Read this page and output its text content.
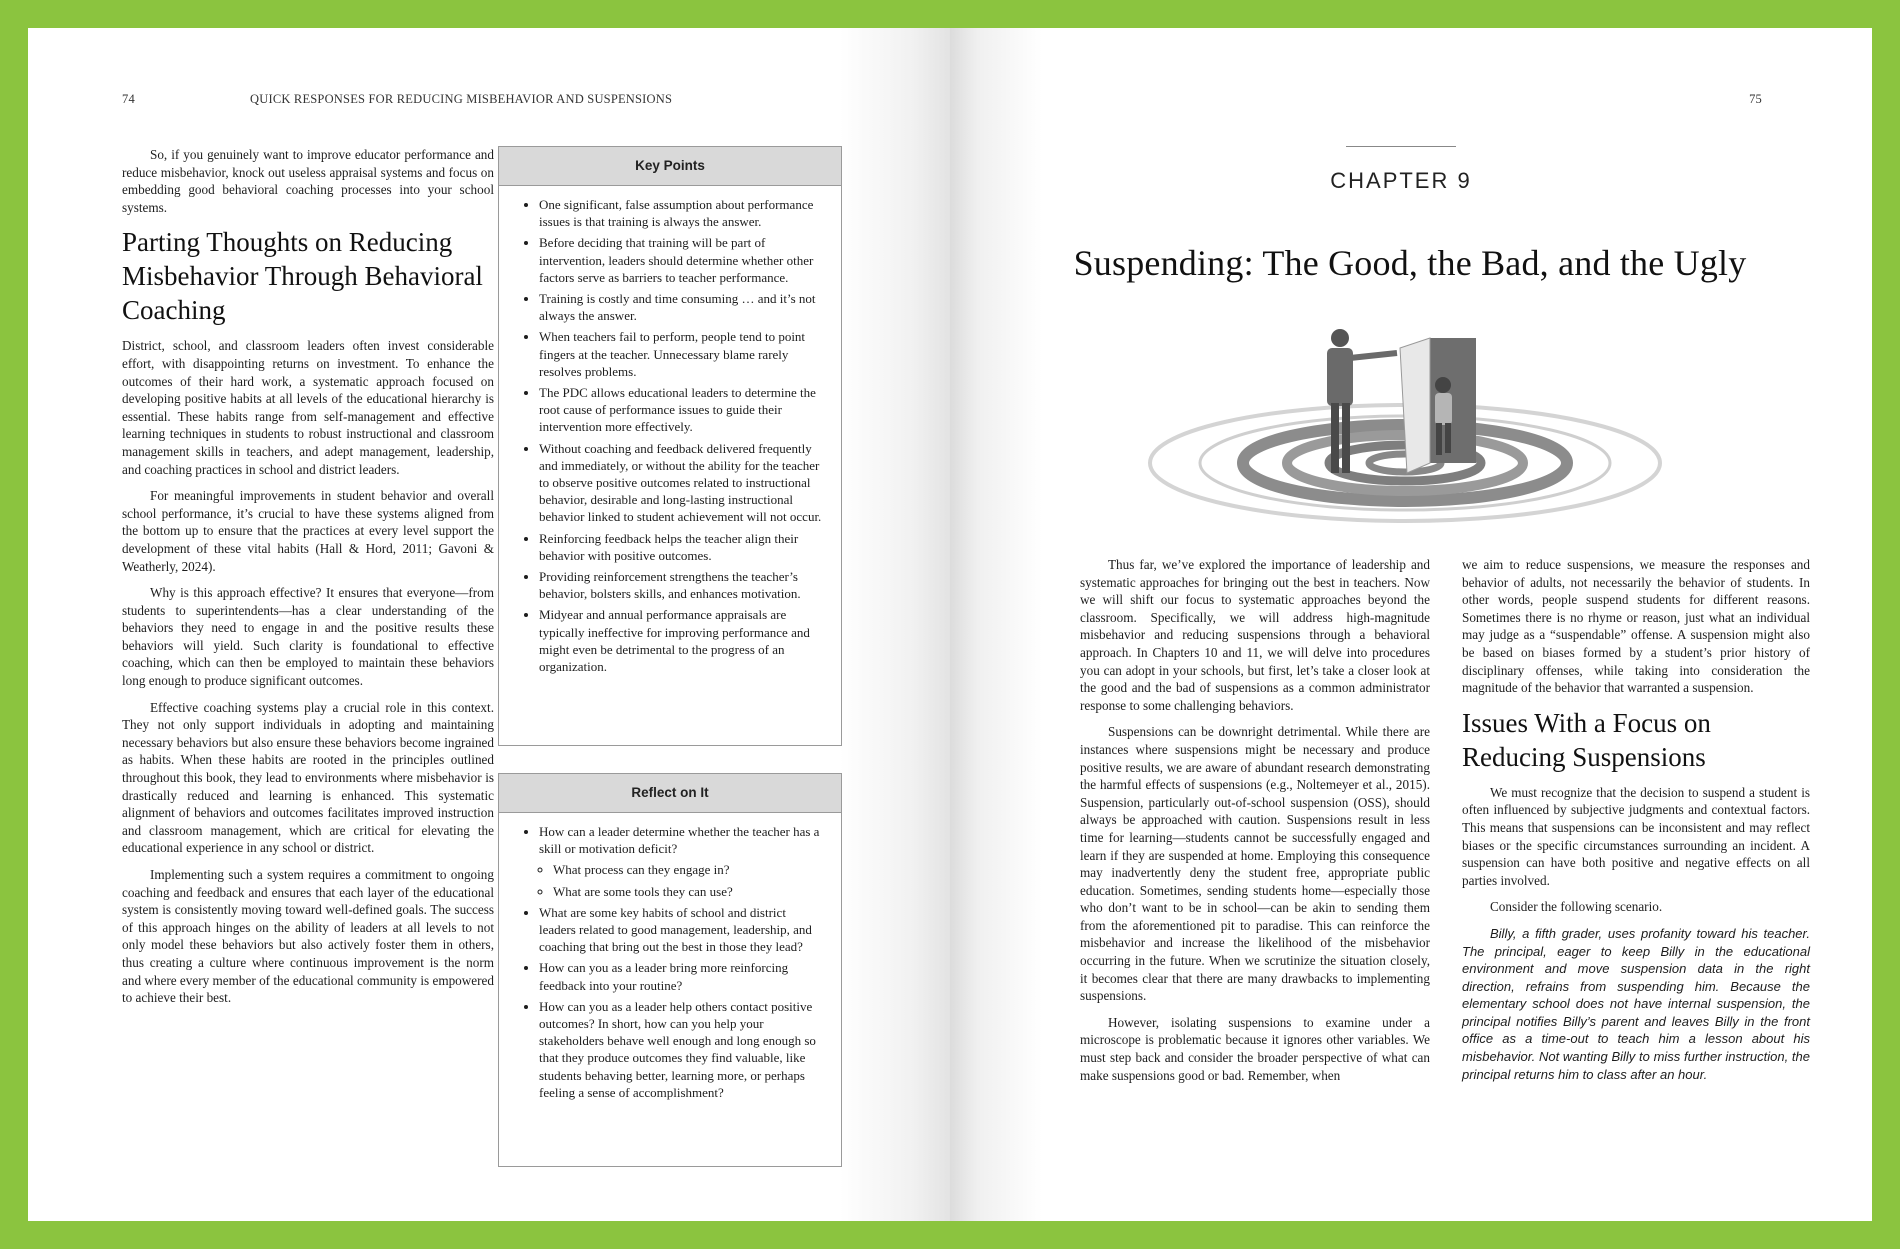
74	QUICK RESPONSES FOR REDUCING MISBEHAVIOR AND SUSPENSIONS

So, if you genuinely want to improve educator performance and reduce misbehavior, knock out useless appraisal systems and focus on embedding good behavioral coaching processes into your school systems.

Parting Thoughts on Reducing Misbehavior Through Behavioral Coaching

District, school, and classroom leaders often invest considerable effort, with disappointing returns on investment. To enhance the outcomes of their hard work, a systematic approach focused on developing positive habits at all levels of the educational hierarchy is essential. These habits range from self-management and effective learning techniques in students to robust instructional and classroom management skills in teachers, and adept management, leadership, and coaching practices in school and district leaders.

For meaningful improvements in student behavior and overall school performance, it’s crucial to have these systems aligned from the bottom up to ensure that the practices at every level support the development of these vital habits (Hall & Hord, 2011; Gavoni & Weatherly, 2024).

Why is this approach effective? It ensures that everyone—from students to superintendents—has a clear understanding of the behaviors they need to engage in and the positive results these behaviors will yield. Such clarity is foundational to effective coaching, which can then be employed to maintain these behaviors long enough to produce significant outcomes.

Effective coaching systems play a crucial role in this context. They not only support individuals in adopting and maintaining necessary behaviors but also ensure these behaviors become ingrained as habits. When these habits are rooted in the principles outlined throughout this book, they lead to environments where misbehavior is drastically reduced and learning is enhanced. This systematic alignment of behaviors and outcomes facilitates improved instruction and classroom management, which are critical for elevating the educational experience in any school or district.

Implementing such a system requires a commitment to ongoing coaching and feedback and ensures that each layer of the educational system is consistently moving toward well-defined goals. The success of this approach hinges on the ability of leaders at all levels to not only model these behaviors but also actively foster them in others, thus creating a culture where continuous improvement is the norm and where every member of the educational community is empowered to achieve their best.

Key Points
• One significant, false assumption about performance issues is that training is always the answer.
• Before deciding that training will be part of intervention, leaders should determine whether other factors serve as barriers to teacher performance.
• Training is costly and time consuming … and it’s not always the answer.
• When teachers fail to perform, people tend to point fingers at the teacher. Unnecessary blame rarely resolves problems.
• The PDC allows educational leaders to determine the root cause of performance issues to guide their intervention more effectively.
• Without coaching and feedback delivered frequently and immediately, or without the ability for the teacher to observe positive outcomes related to instructional behavior, desirable and long-lasting instructional behavior linked to student achievement will not occur.
• Reinforcing feedback helps the teacher align their behavior with positive outcomes.
• Providing reinforcement strengthens the teacher’s behavior, bolsters skills, and enhances motivation.
• Midyear and annual performance appraisals are typically ineffective for improving performance and might even be detrimental to the progress of an organization.
Reflect on It
• How can a leader determine whether the teacher has a skill or motivation deficit?
◦ What process can they engage in?
◦ What are some tools they can use?
• What are some key habits of school and district leaders related to good management, leadership, and coaching that bring out the best in those they lead?
• How can you as a leader bring more reinforcing feedback into your routine?
• How can you as a leader help others contact positive outcomes? In short, how can you help your stakeholders behave well enough and long enough so that they produce outcomes they find valuable, like students behaving better, learning more, or perhaps feeling a sense of accomplishment?
75
CHAPTER 9
Suspending: The Good, the Bad, and the Ugly

Thus far, we’ve explored the importance of leadership and systematic approaches for bringing out the best in teachers. Now we will shift our focus to systematic approaches beyond the classroom. Specifically, we will address high-magnitude misbehavior and reducing suspensions through a behavioral approach. In Chapters 10 and 11, we will delve into procedures you can adopt in your schools, but first, let’s take a closer look at the good and the bad of suspensions as a common administrator response to some challenging behaviors.

Suspensions can be downright detrimental. While there are instances where suspensions might be necessary and produce positive results, we are aware of abundant research demonstrating the harmful effects of suspensions (e.g., Noltemeyer et al., 2015). Suspension, particularly out-of-school suspension (OSS), should always be approached with caution. Suspensions result in less time for learning—students cannot be successfully engaged and learn if they are suspended at home. Employing this consequence may inadvertently deny the student free, appropriate public education. Sometimes, sending students home—especially those who don’t want to be in school—can be akin to sending them from the aforementioned pit to paradise. This can reinforce the misbehavior and increase the likelihood of the misbehavior occurring in the future. When we scrutinize the situation closely, it becomes clear that there are many drawbacks to implementing suspensions.

However, isolating suspensions to examine under a microscope is problematic because it ignores other variables. We must step back and consider the broader perspective of what can make suspensions good or bad. Remember, when

we aim to reduce suspensions, we measure the responses and behavior of adults, not necessarily the behavior of students. In other words, people suspend students for different reasons. Sometimes there is no rhyme or reason, just what an individual may judge as a “suspendable” offense. A suspension might also be based on biases formed by a student’s prior history of disciplinary offenses, while taking into consideration the magnitude of the behavior that warranted a suspension.

Issues With a Focus on Reducing Suspensions

We must recognize that the decision to suspend a student is often influenced by subjective judgments and contextual factors. This means that suspensions can be inconsistent and may reflect biases or the specific circumstances surrounding an incident. A suspension can have both positive and negative effects on all parties involved.

Consider the following scenario.

Billy, a fifth grader, uses profanity toward his teacher. The principal, eager to keep Billy in the educational environment and move suspension data in the right direction, refrains from suspending him. Because the elementary school does not have internal suspension, the principal notifies Billy’s parent and leaves Billy in the front office as a time-out to teach him a lesson about his misbehavior. Not wanting Billy to miss further instruction, the principal returns him to class after an hour.
